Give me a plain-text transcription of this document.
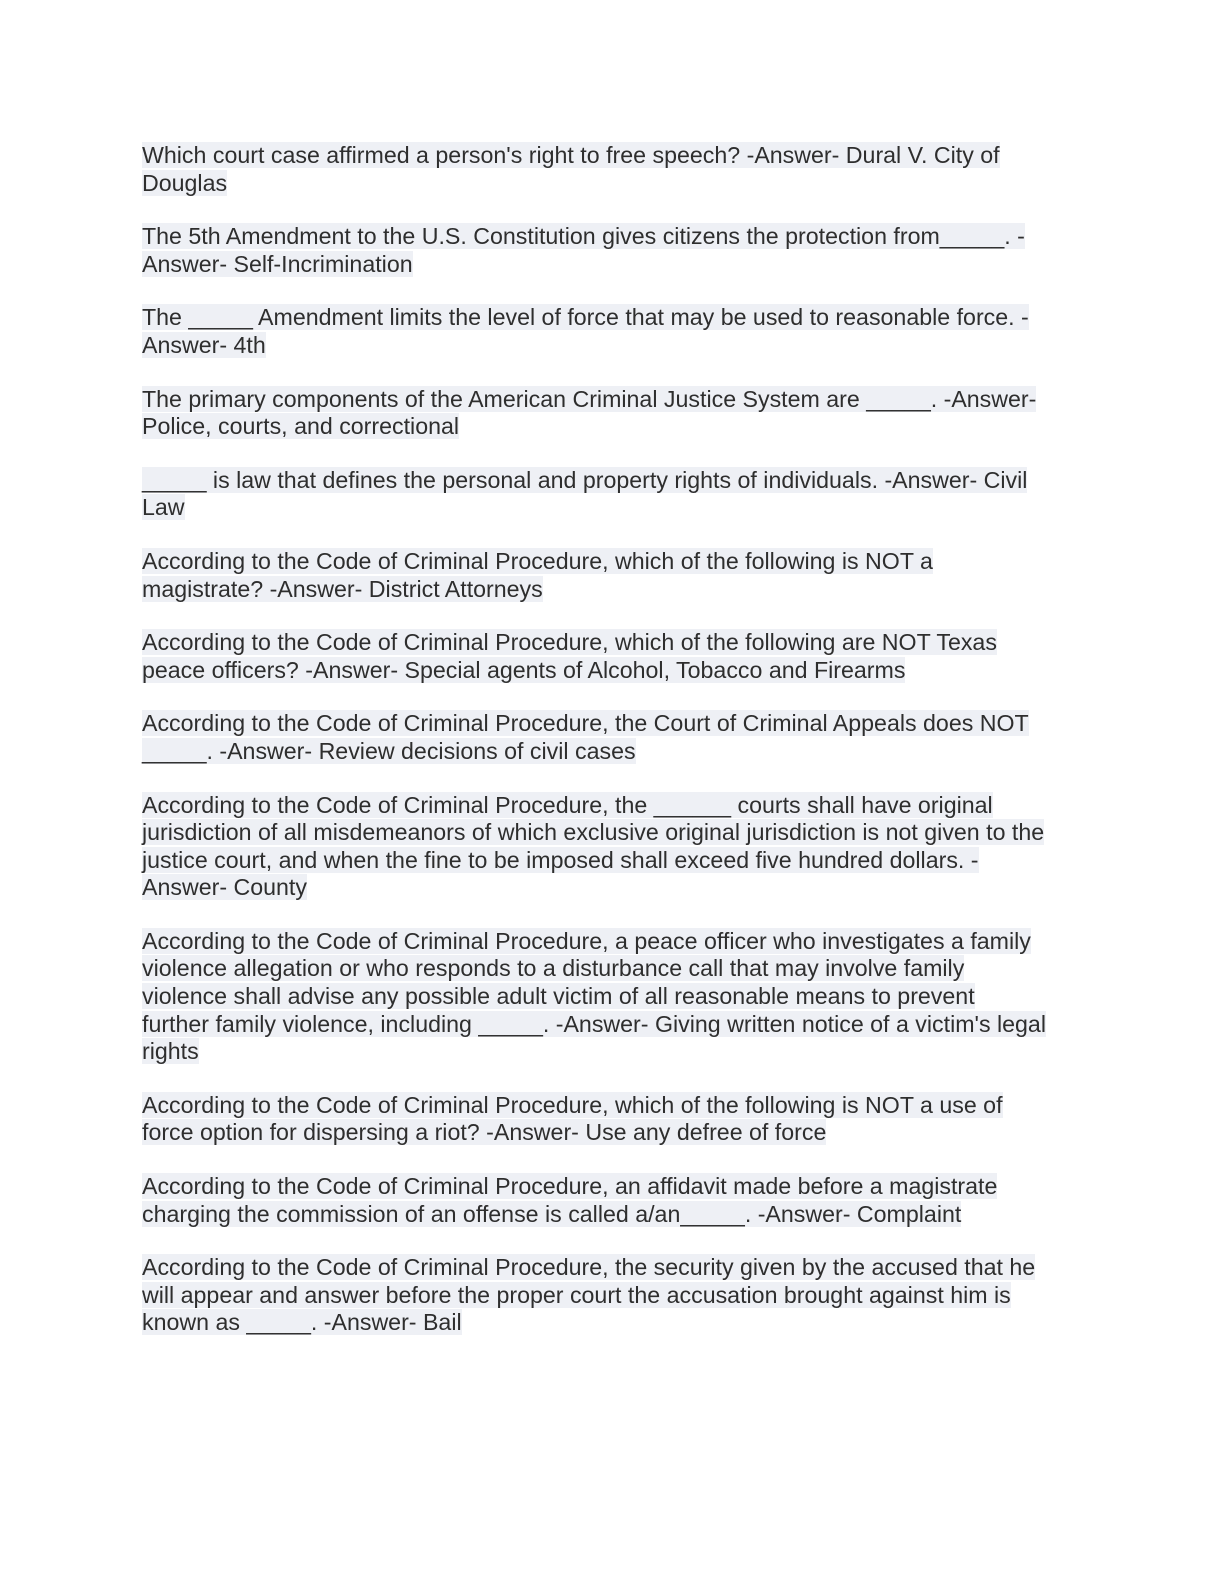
Which court case affirmed a person's right to free speech? -Answer- Dural V. City of
Douglas

The 5th Amendment to the U.S. Constitution gives citizens the protection from_____. -
Answer- Self-Incrimination

The _____ Amendment limits the level of force that may be used to reasonable force. -
Answer- 4th

The primary components of the American Criminal Justice System are _____. -Answer-
Police, courts, and correctional

_____ is law that defines the personal and property rights of individuals. -Answer- Civil
Law

According to the Code of Criminal Procedure, which of the following is NOT a
magistrate? -Answer- District Attorneys

According to the Code of Criminal Procedure, which of the following are NOT Texas
peace officers? -Answer- Special agents of Alcohol, Tobacco and Firearms

According to the Code of Criminal Procedure, the Court of Criminal Appeals does NOT
_____. -Answer- Review decisions of civil cases

According to the Code of Criminal Procedure, the ______ courts shall have original
jurisdiction of all misdemeanors of which exclusive original jurisdiction is not given to the
justice court, and when the fine to be imposed shall exceed five hundred dollars. -
Answer- County

According to the Code of Criminal Procedure, a peace officer who investigates a family
violence allegation or who responds to a disturbance call that may involve family
violence shall advise any possible adult victim of all reasonable means to prevent
further family violence, including _____. -Answer- Giving written notice of a victim's legal
rights

According to the Code of Criminal Procedure, which of the following is NOT a use of
force option for dispersing a riot? -Answer- Use any defree of force

According to the Code of Criminal Procedure, an affidavit made before a magistrate
charging the commission of an offense is called a/an_____. -Answer- Complaint

According to the Code of Criminal Procedure, the security given by the accused that he
will appear and answer before the proper court the accusation brought against him is
known as _____. -Answer- Bail
